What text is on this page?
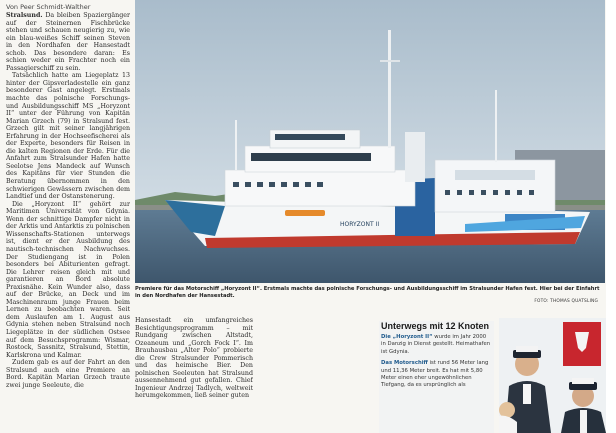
Von Peer Schmidt-Walther

Stralsund. Da bleiben Spaziergänger auf der Steinernen Fischbrücke stehen und schauen neugierig zu, wie ein blau-weißes Schiff seinen Steven in den Nordhafen der Hansestadt schob. Das besondere daran: Es schien weder ein Frachter noch ein Passagierschiff zu sein.

Tatsächlich hatte am Liegeplatz 13 hinter der Gipsverladestelle ein ganz besonderer Gast angelegt. Erstmals machte das polnische Forschungs- und Ausbildungsschiff MS „Horyzont II“ unter der Führung von Kapitän Marian Grzech (79) in Stralsund fest. Grzech gilt mit seiner langjährigen Erfahrung in der Hochseefischerei als der Experte, besonders für Reisen in die kalten Regionen der Erde. Für die Anfahrt zum Stralsunder Hafen hatte Seelotse Jens Mandeck auf Wunsch des Kapitäns für vier Stunden die Beratung übernommen in den schwierigen Gewässern zwischen dem Landtief und der Ostanstenerung.

Die „Horyzont II“ gehört zur Maritimen Universität von Gdynia. Wenn der schnittige Dampfer nicht in der Arktis und Antarktis zu polnischen Wissenschafts-Stationen unterwegs ist, dient er der Ausbildung des nautisch-technischen Nachwuchses. Der Studiengang ist in Polen besonders bei Abiturienten gefragt. Die Lehrer reisen gleich mit und garantieren an Bord absolute Praxisnähe. Kein Wunder also, dass auf der Brücke, an Deck und im Maschinenraum junge Frauen beim Lernen zu beobachten waren. Seit dem Auslaufen am 1. August aus Gdynia stehen neben Stralsund noch Liegeplätze in der südlichen Ostsee auf dem Besuchsprogramm: Wismar, Rostock, Sassnitz, Stralsund, Stettin, Karlskrona und Kalmar.

Zudem gab es auf der Fahrt an den Stralsund auch eine Premiere an Bord. Kapitän Marian Grzech traute zwei junge Seeleute, die

HORYZONT II
Premiere für das Motorschiff „Horyzont II“. Erstmals machte das polnische Forschungs- und Ausbildungsschiff im Stralsunder Hafen fest. Hier bei der Einfahrt in den Nordhafen der Hansestadt.
FOTO: THOMAS QUATSLING

Hansestadt ein umfangreiches Besichtigungsprogramm – mit Rundgang zwischen Altstadt, Ozeaneum und „Gorch Fock I“. Im Brauhausbau „Alter Polo“ probierte die Crew Stralsunder Pommerisch und das heimische Bier. Den polnischen Seeleuten hat Stralsund aussennehmend gut gefallen. Chief Ingenieur Andrzej Tadlych, weltweit herumgekommen, ließ seiner guten

Unterwegs mit 12 Knoten
Die „Horyzont II“ wurde im Jahr 2000 in Danzig in Dienst gestellt. Heimathafen ist Gdynia.
Das Motorschiff ist rund 56 Meter lang und 11,36 Meter breit. Es hat mit 5,80 Meter einen eher ungewöhnlichen Tiefgang, da es ursprünglich als
